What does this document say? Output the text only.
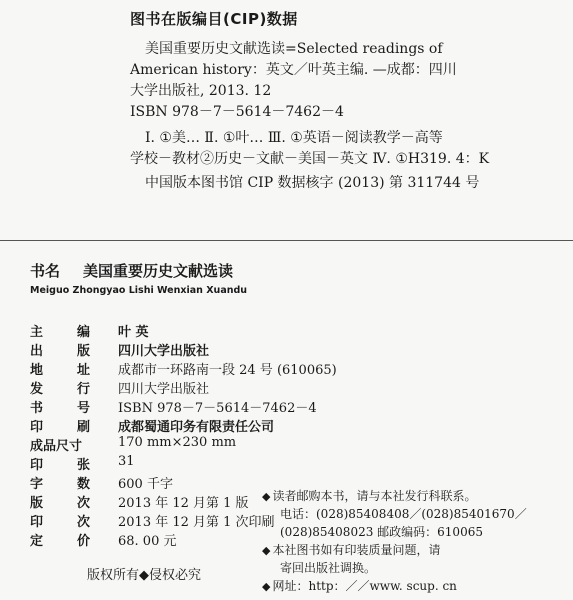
图书在版编目(CIP)数据
美国重要历史文献选读=Selected readings of
American history：英文／叶英主编. —成都：四川
大学出版社, 2013. 12
ISBN 978－7－5614－7462－4
Ⅰ. ①美… Ⅱ. ①叶… Ⅲ. ①英语－阅读教学－高等
学校－教材②历史－文献－美国－英文 Ⅳ. ①H319. 4：K
中国版本图书馆 CIP 数据核字 (2013) 第 311744 号
书名 美国重要历史文献选读
Meiguo Zhongyao Lishi Wenxian Xuandu
主	编 叶 英
出	版 四川大学出版社
地	址 成都市一环路南一段 24 号 (610065)
发	行 四川大学出版社
书	号 ISBN 978－7－5614－7462－4
印	刷 成都蜀通印务有限责任公司
成品尺寸	170 mm×230 mm
印	张 31
字	数 600 千字
版	次 2013 年 12 月第 1 版
印	次 2013 年 12 月第 1 次印刷
定	价 68. 00 元
◆ 读者邮购本书，请与本社发行科联系。
电话：(028)85408408／(028)85401670／
(028)85408023 邮政编码：610065
◆ 本社图书如有印装质量问题，请
寄回出版社调换。
◆ 网址：http：／／www. scup. cn
版权所有◆侵权必究
